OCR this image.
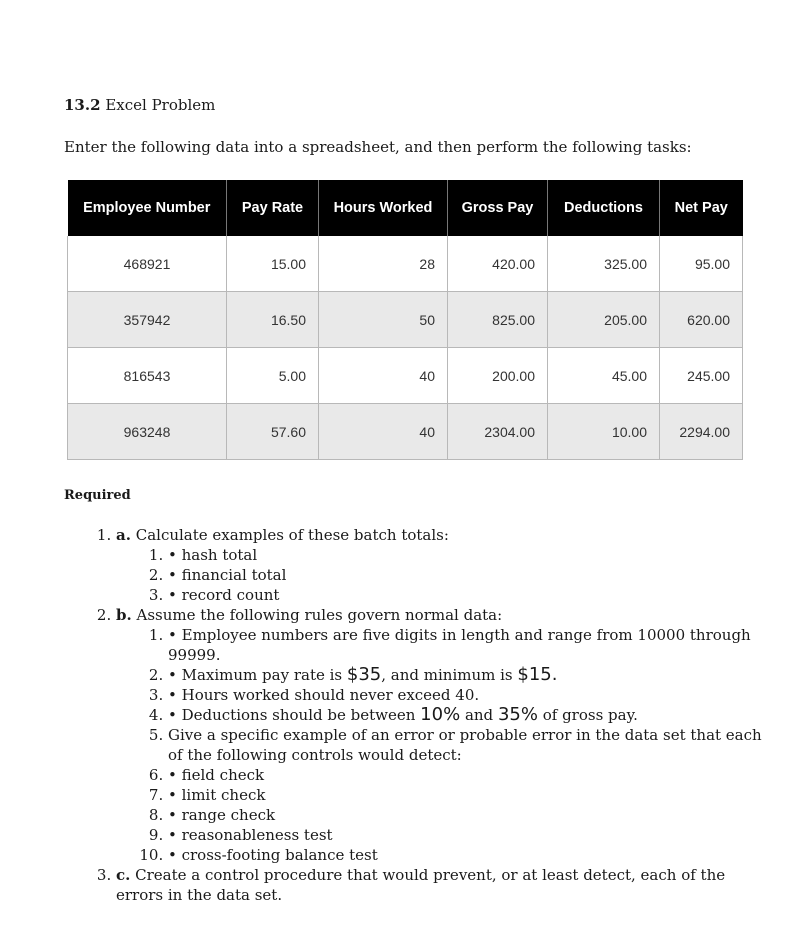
13.2 Excel Problem

Enter the following data into a spreadsheet, and then perform the following tasks:

Employee Number	Pay Rate	Hours Worked	Gross Pay	Deductions	Net Pay
468921	15.00	28	420.00	325.00	95.00
357942	16.50	50	825.00	205.00	620.00
816543	5.00	40	200.00	45.00	245.00
963248	57.60	40	2304.00	10.00	2294.00

Required

1. a. Calculate examples of these batch totals:
1. • hash total
2. • financial total
3. • record count
2. b. Assume the following rules govern normal data:
1. • Employee numbers are five digits in length and range from 10000 through 99999.
2. • Maximum pay rate is $35, and minimum is $15.
3. • Hours worked should never exceed 40.
4. • Deductions should be between 10% and 35% of gross pay.
5. Give a specific example of an error or probable error in the data set that each of the following controls would detect:
6. • field check
7. • limit check
8. • range check
9. • reasonableness test
10. • cross-footing balance test
3. c. Create a control procedure that would prevent, or at least detect, each of the errors in the data set.
